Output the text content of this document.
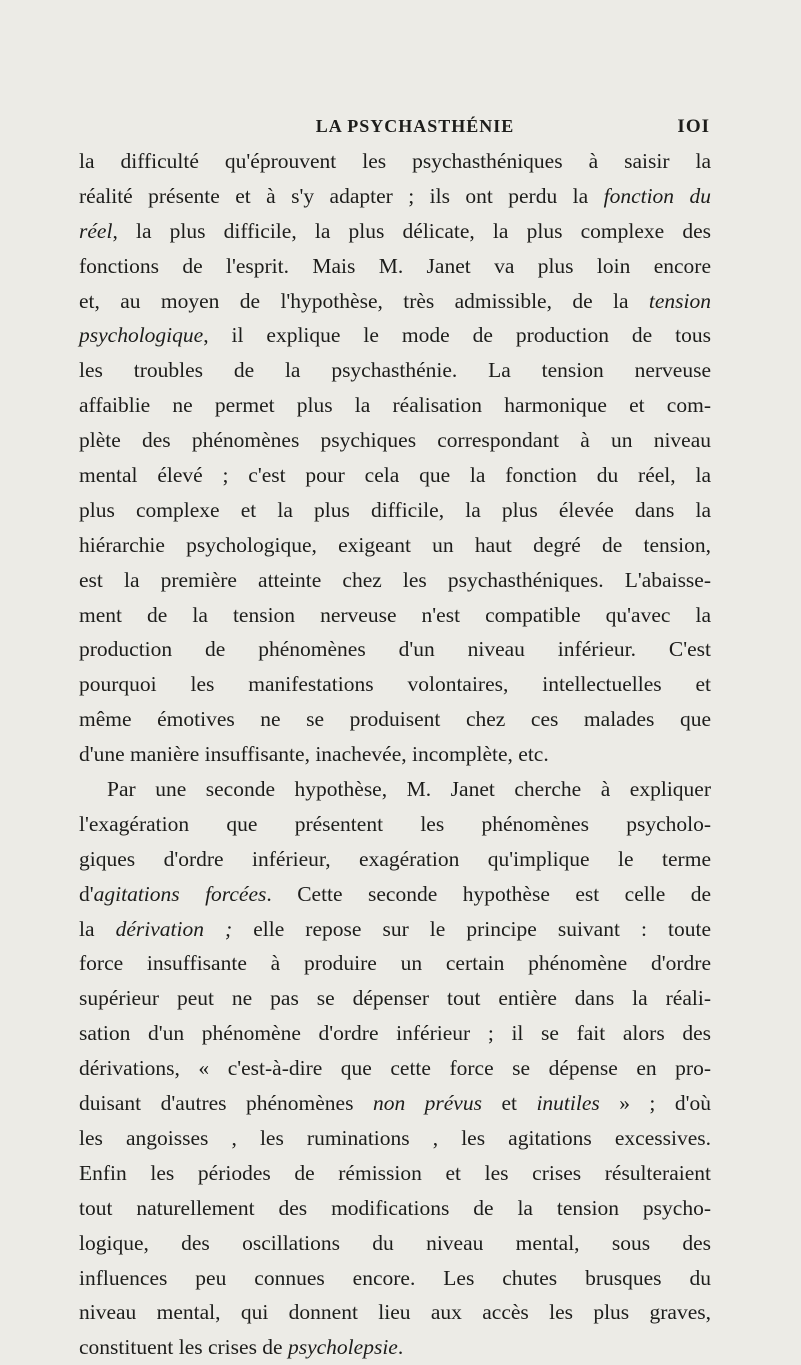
LA PSYCHASTHÉNIE	IOI
la difficulté qu'éprouvent les psychasthéniques à saisir la
réalité présente et à s'y adapter ; ils ont perdu la fonction du
réel, la plus difficile, la plus délicate, la plus complexe des
fonctions de l'esprit. Mais M. Janet va plus loin encore
et, au moyen de l'hypothèse, très admissible, de la tension
psychologique, il explique le mode de production de tous
les troubles de la psychasthénie. La tension nerveuse
affaiblie ne permet plus la réalisation harmonique et com-
plète des phénomènes psychiques correspondant à un niveau
mental élevé ; c'est pour cela que la fonction du réel, la
plus complexe et la plus difficile, la plus élevée dans la
hiérarchie psychologique, exigeant un haut degré de tension,
est la première atteinte chez les psychasthéniques. L'abaisse-
ment de la tension nerveuse n'est compatible qu'avec la
production de phénomènes d'un niveau inférieur. C'est
pourquoi les manifestations volontaires, intellectuelles et
même émotives ne se produisent chez ces malades que
d'une manière insuffisante, inachevée, incomplète, etc.
Par une seconde hypothèse, M. Janet cherche à expliquer
l'exagération que présentent les phénomènes psycholo-
giques d'ordre inférieur, exagération qu'implique le terme
d'agitations forcées. Cette seconde hypothèse est celle de
la dérivation ; elle repose sur le principe suivant : toute
force insuffisante à produire un certain phénomène d'ordre
supérieur peut ne pas se dépenser tout entière dans la réali-
sation d'un phénomène d'ordre inférieur ; il se fait alors des
dérivations, « c'est-à-dire que cette force se dépense en pro-
duisant d'autres phénomènes non prévus et inutiles » ; d'où
les angoisses , les ruminations , les agitations excessives.
Enfin les périodes de rémission et les crises résulteraient
tout naturellement des modifications de la tension psycho-
logique, des oscillations du niveau mental, sous des
influences peu connues encore. Les chutes brusques du
niveau mental, qui donnent lieu aux accès les plus graves,
constituent les crises de psycholepsie.
